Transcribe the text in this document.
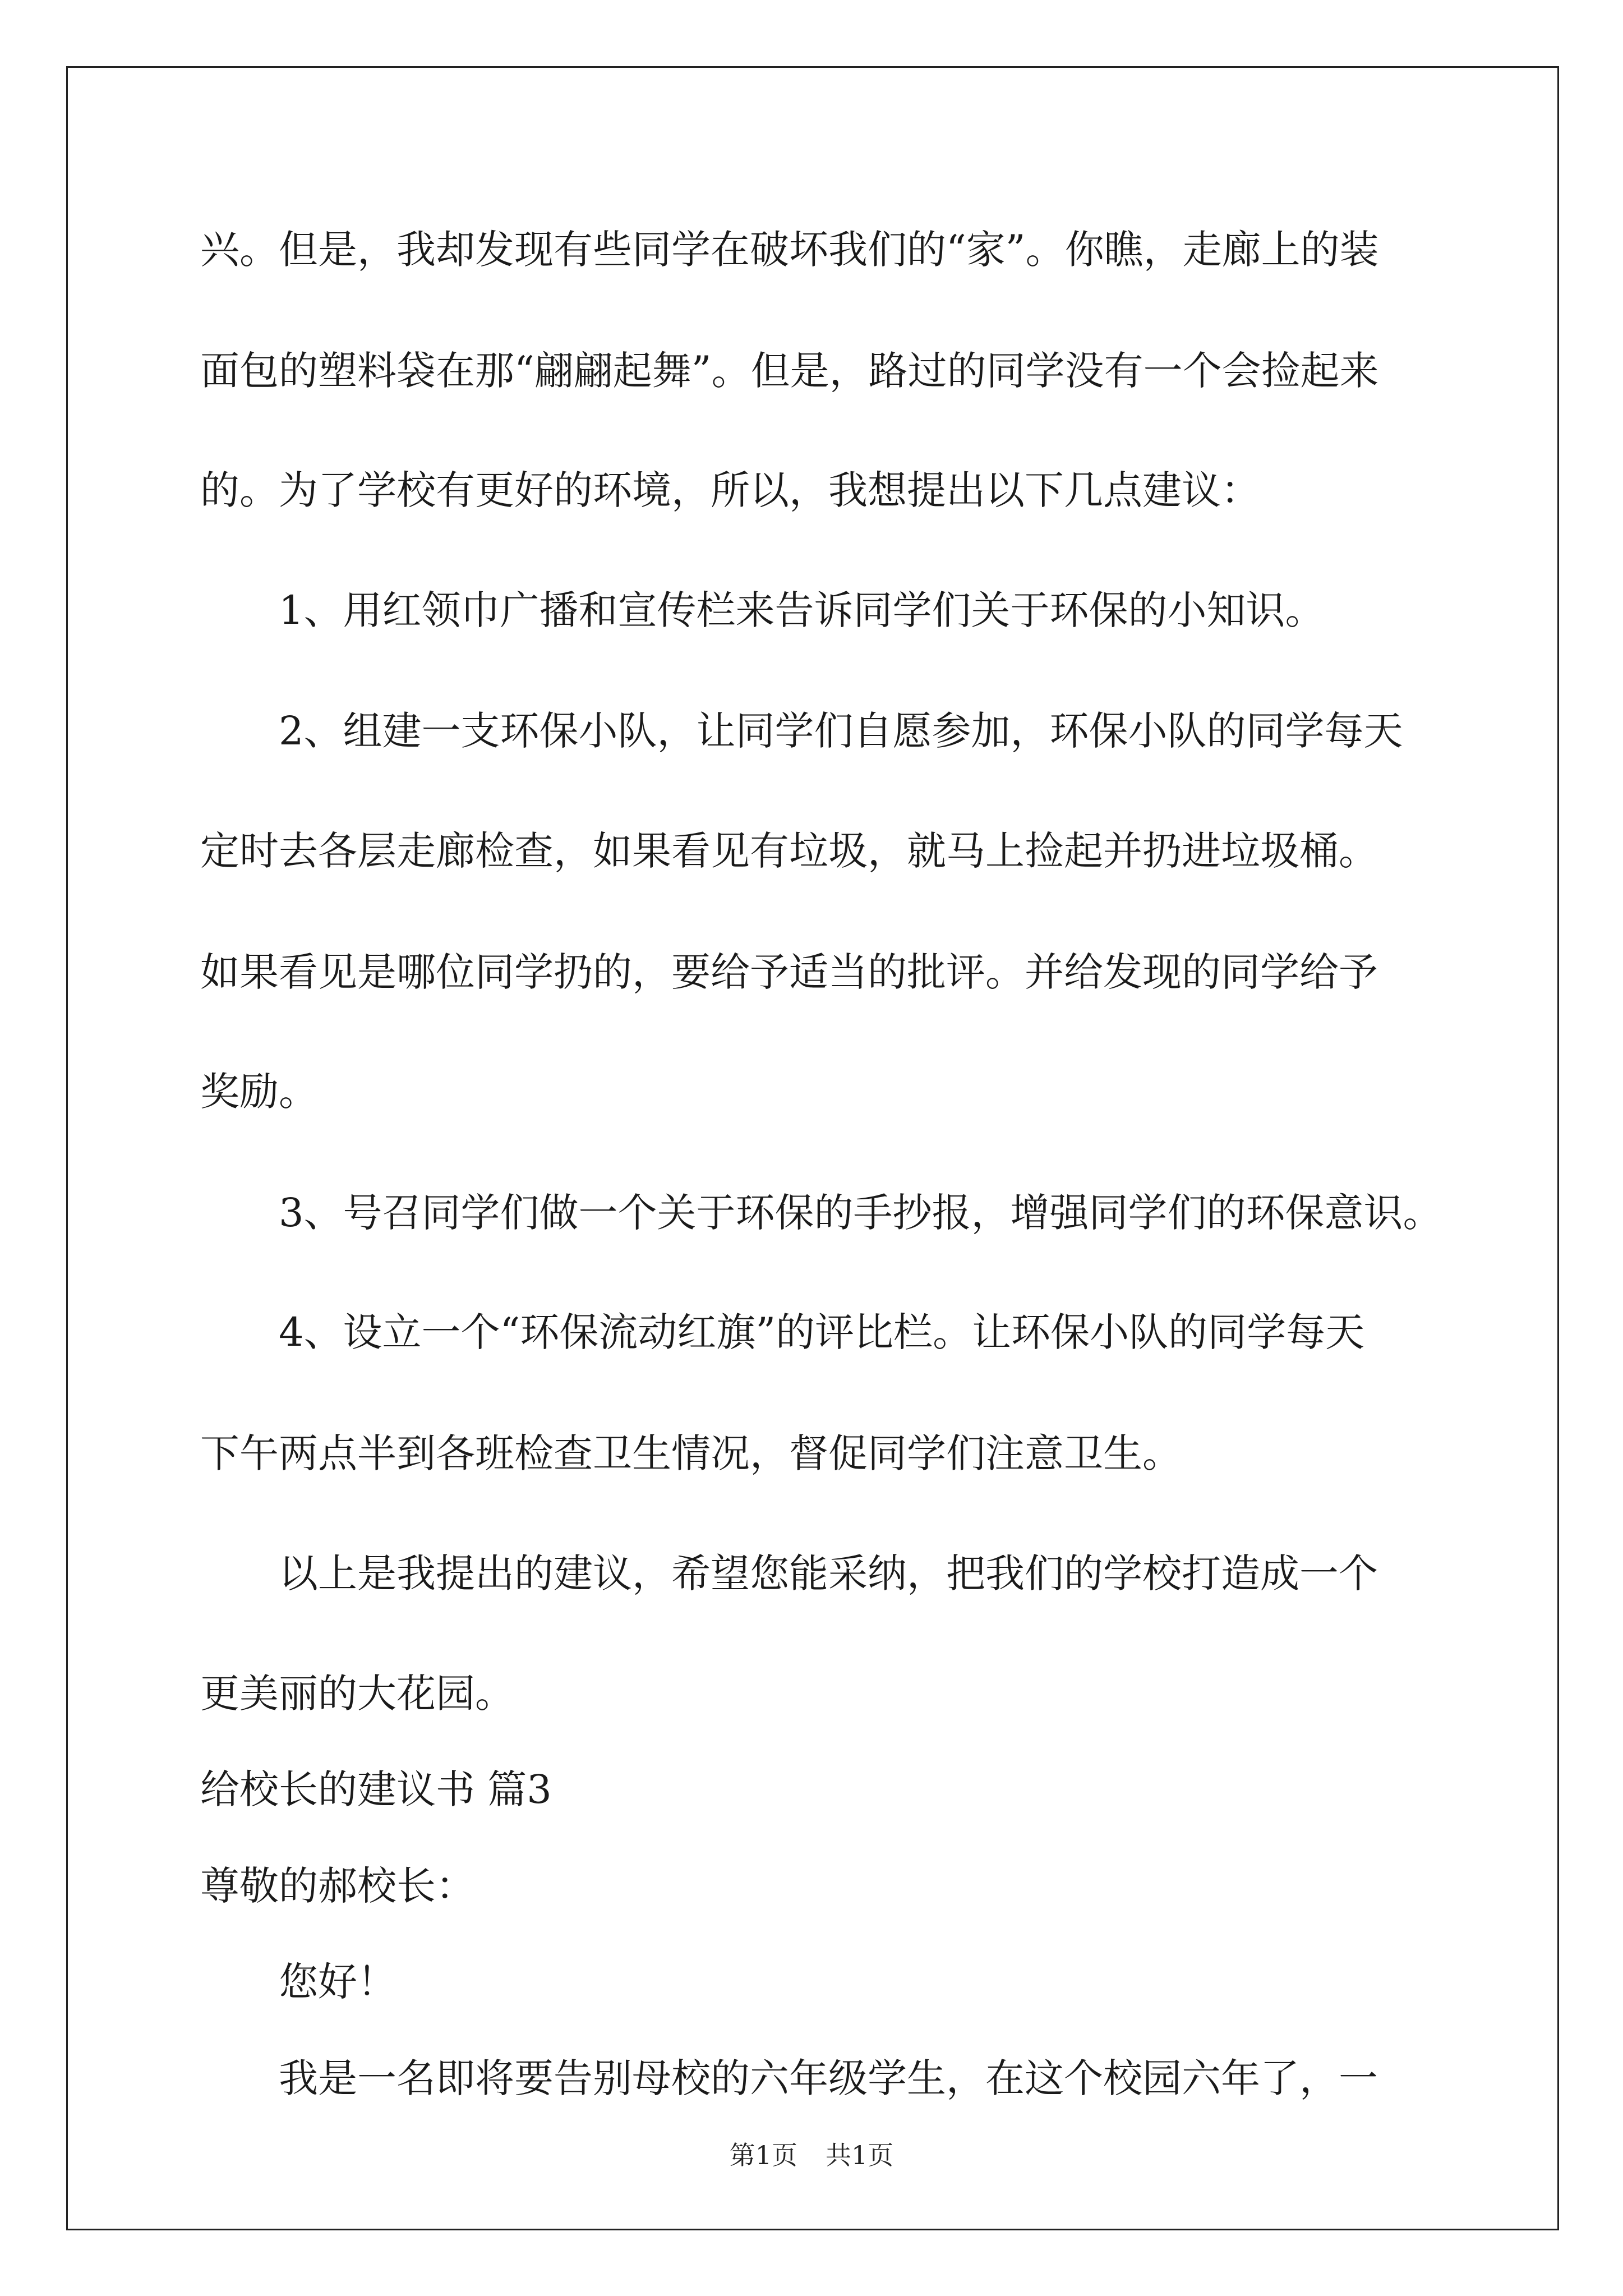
兴。但是，我却发现有些同学在破坏我们的“家”。你瞧，走廊上的装
面包的塑料袋在那“翩翩起舞”。但是，路过的同学没有一个会捡起来
的。为了学校有更好的环境，所以，我想提出以下几点建议：
1、用红领巾广播和宣传栏来告诉同学们关于环保的小知识。
2、组建一支环保小队，让同学们自愿参加，环保小队的同学每天
定时去各层走廊检查，如果看见有垃圾，就马上捡起并扔进垃圾桶。
如果看见是哪位同学扔的，要给予适当的批评。并给发现的同学给予
奖励。
3、号召同学们做一个关于环保的手抄报，增强同学们的环保意识。
4、设立一个“环保流动红旗”的评比栏。让环保小队的同学每天
下午两点半到各班检查卫生情况，督促同学们注意卫生。
以上是我提出的建议，希望您能采纳，把我们的学校打造成一个
更美丽的大花园。
给校长的建议书 篇3
尊敬的郝校长：
您好！
我是一名即将要告别母校的六年级学生，在这个校园六年了，一
第1页 共1页
